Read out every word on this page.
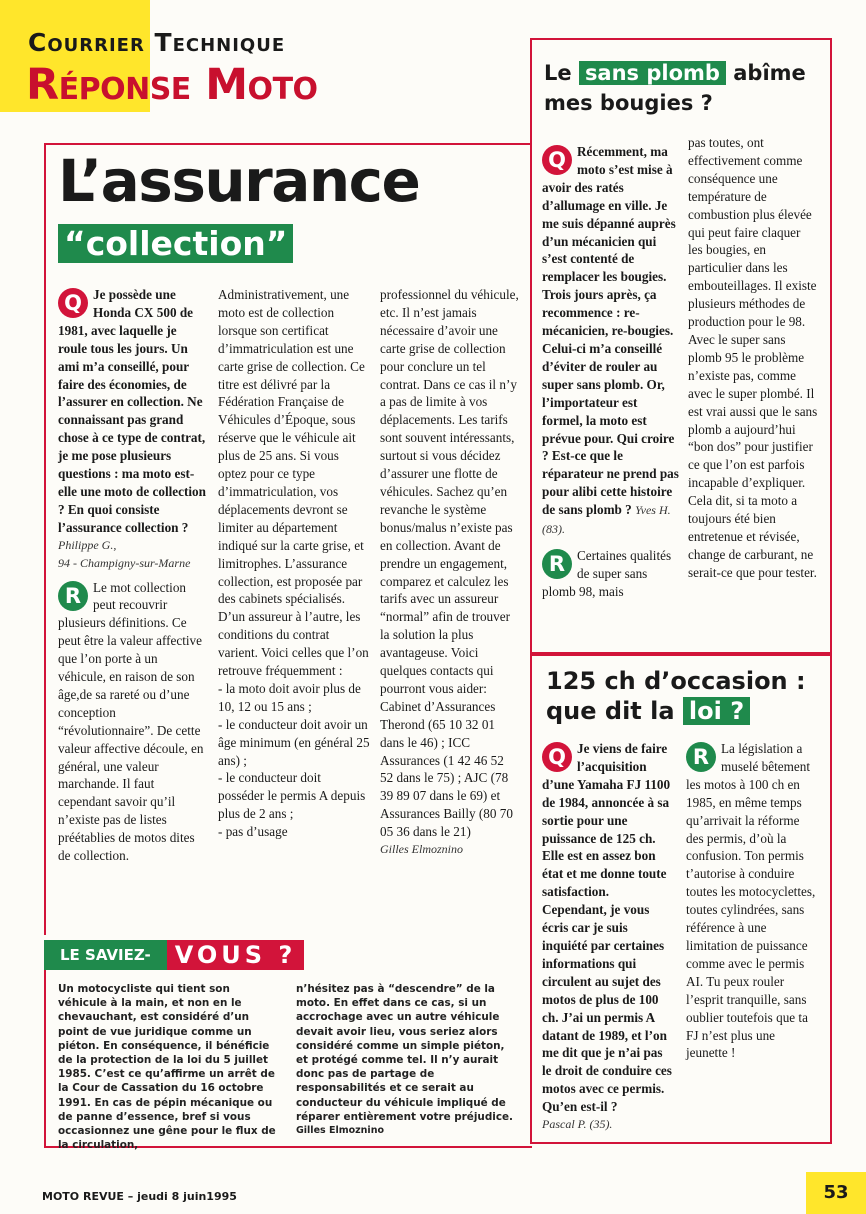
Courrier Technique
Réponse Moto
L’assurance
“collection”
Q Je possède une Honda CX 500 de 1981, avec laquelle je roule tous les jours. Un ami m’a conseillé, pour faire des économies, de l’assurer en collection. Ne connaissant pas grand chose à ce type de contrat, je me pose plusieurs questions : ma moto est-elle une moto de collection ? En quoi consiste l’assurance collection ?
Philippe G.,
94 - Champigny-sur-Marne
R Le mot collection peut recouvrir plusieurs définitions. Ce peut être la valeur affective que l’on porte à un véhicule, en raison de son âge,de sa rareté ou d’une conception “révolutionnaire”. De cette valeur affective découle, en général, une valeur marchande. Il faut cependant savoir qu’il n’existe pas de listes préétablies de motos dites de collection.
Administrativement, une moto est de collection lorsque son certificat d’immatriculation est une carte grise de collection. Ce titre est délivré par la Fédération Française de Véhicules d’Époque, sous réserve que le véhicule ait plus de 25 ans. Si vous optez pour ce type d’immatriculation, vos déplacements devront se limiter au département indiqué sur la carte grise, et limitrophes. L’assurance collection, est proposée par des cabinets spécialisés. D’un assureur à l’autre, les conditions du contrat varient. Voici celles que l’on retrouve fréquemment :
- la moto doit avoir plus de 10, 12 ou 15 ans ;
- le conducteur doit avoir un âge minimum (en général 25 ans) ;
- le conducteur doit posséder le permis A depuis plus de 2 ans ;
- pas d’usage
professionnel du véhicule, etc. Il n’est jamais nécessaire d’avoir une carte grise de collection pour conclure un tel contrat. Dans ce cas il n’y a pas de limite à vos déplacements. Les tarifs sont souvent intéressants, surtout si vous décidez d’assurer une flotte de véhicules. Sachez qu’en revanche le système bonus/malus n’existe pas en collection. Avant de prendre un engagement, comparez et calculez les tarifs avec un assureur “normal” afin de trouver la solution la plus avantageuse. Voici quelques contacts qui pourront vous aider: Cabinet d’Assurances Therond (65 10 32 01 dans le 46) ; ICC Assurances (1 42 46 52 52 dans le 75) ; AJC (78 39 89 07 dans le 69) et Assurances Bailly (80 70 05 36 dans le 21)
Gilles Elmoznino
Le sans plomb abîme mes bougies ?
Q Récemment, ma moto s’est mise à avoir des ratés d’allumage en ville. Je me suis dépanné auprès d’un mécanicien qui s’est contenté de remplacer les bougies. Trois jours après, ça recommence : re-mécanicien, re-bougies. Celui-ci m’a conseillé d’éviter de rouler au super sans plomb. Or, l’importateur est formel, la moto est prévue pour. Qui croire ? Est-ce que le réparateur ne prend pas pour alibi cette histoire de sans plomb ? Yves H. (83).
R Certaines qualités de super sans plomb 98, mais
pas toutes, ont effectivement comme conséquence une température de combustion plus élevée qui peut faire claquer les bougies, en particulier dans les embouteillages. Il existe plusieurs méthodes de production pour le 98. Avec le super sans plomb 95 le problème n’existe pas, comme avec le super plombé. Il est vrai aussi que le sans plomb a aujourd’hui “bon dos” pour justifier ce que l’on est parfois incapable d’expliquer. Cela dit, si ta moto a toujours été bien entretenue et révisée, change de carburant, ne serait-ce que pour tester.
125 ch d’occasion :
que dit la loi ?
Q Je viens de faire l’acquisition d’une Yamaha FJ 1100 de 1984, annoncée à sa sortie pour une puissance de 125 ch. Elle est en assez bon état et me donne toute satisfaction. Cependant, je vous écris car je suis inquiété par certaines informations qui circulent au sujet des motos de plus de 100 ch. J’ai un permis A datant de 1989, et l’on me dit que je n’ai pas le droit de conduire ces motos avec ce permis. Qu’en est-il ?
Pascal P. (35).
R La législation a muselé bêtement les motos à 100 ch en 1985, en même temps qu’arrivait la réforme des permis, d’où la confusion. Ton permis t’autorise à conduire toutes les motocyclettes, toutes cylindrées, sans référence à une limitation de puissance comme avec le permis AI. Tu peux rouler l’esprit tranquille, sans oublier toutefois que ta FJ n’est plus une jeunette !
LE SAVIEZ-	VOUS ?
Un motocycliste qui tient son véhicule à la main, et non en le chevauchant, est considéré d’un point de vue juridique comme un piéton. En conséquence, il bénéficie de la protection de la loi du 5 juillet 1985. C’est ce qu’affirme un arrêt de la Cour de Cassation du 16 octobre 1991. En cas de pépin mécanique ou de panne d’essence, bref si vous occasionnez une gêne pour le flux de la circulation,
n’hésitez pas à “descendre” de la moto. En effet dans ce cas, si un accrochage avec un autre véhicule devait avoir lieu, vous seriez alors considéré comme un simple piéton, et protégé comme tel. Il n’y aurait donc pas de partage de responsabilités et ce serait au conducteur du véhicule impliqué de réparer entièrement votre préjudice.
Gilles Elmoznino
MOTO REVUE – jeudi 8 juin1995	53
